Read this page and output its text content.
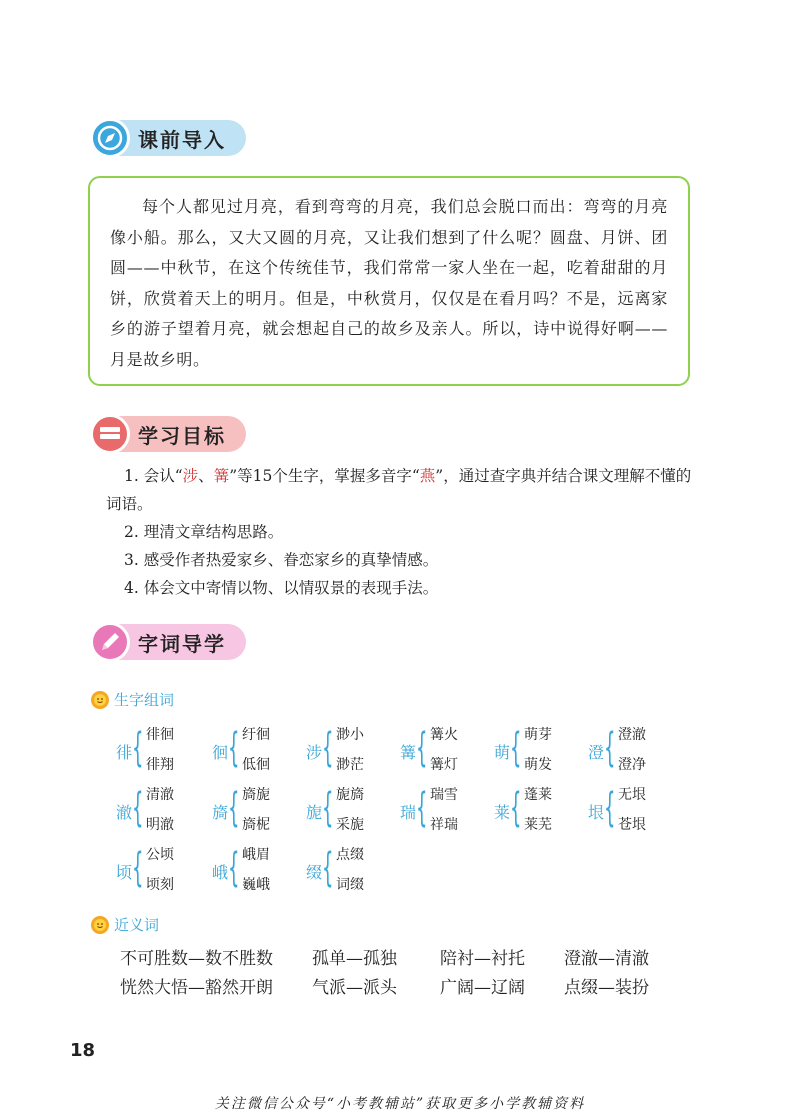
课前导入

每个人都见过月亮，看到弯弯的月亮，我们总会脱口而出：弯弯的月亮像小船。那么，又大又圆的月亮，又让我们想到了什么呢？圆盘、月饼、团圆——中秋节，在这个传统佳节，我们常常一家人坐在一起，吃着甜甜的月饼，欣赏着天上的明月。但是，中秋赏月，仅仅是在看月吗？不是，远离家乡的游子望着月亮，就会想起自己的故乡及亲人。所以，诗中说得好啊——月是故乡明。

学习目标
1. 会认“涉、篝”等15个生字，掌握多音字“燕”，通过查字典并结合课文理解不懂的词语。
2. 理清文章结构思路。
3. 感受作者热爱家乡、眷恋家乡的真挚情感。
4. 体会文中寄情以物、以情驭景的表现手法。
字词导学
生字组词
徘 { 徘徊
徘翔
徊 { 纡徊
低徊
涉 { 渺小
渺茫
篝 { 篝火
篝灯
萌 { 萌芽
萌发
澄 { 澄澈
澄净
澈 { 清澈
明澈
旖 { 旖旎
旖柅
旎 { 旎旖
采旎
瑞 { 瑞雪
祥瑞
莱 { 蓬莱
莱芜
垠 { 无垠
苍垠
顷 { 公顷
顷刻
峨 { 峨眉
巍峨
缀 { 点缀
词缀
近义词
不可胜数—数不胜数 孤单—孤独	陪衬—衬托 澄澈—清澈
恍然大悟—豁然开朗 气派—派头	广阔—辽阔 点缀—装扮
18
关注微信公众号“小考教辅站”获取更多小学教辅资料
